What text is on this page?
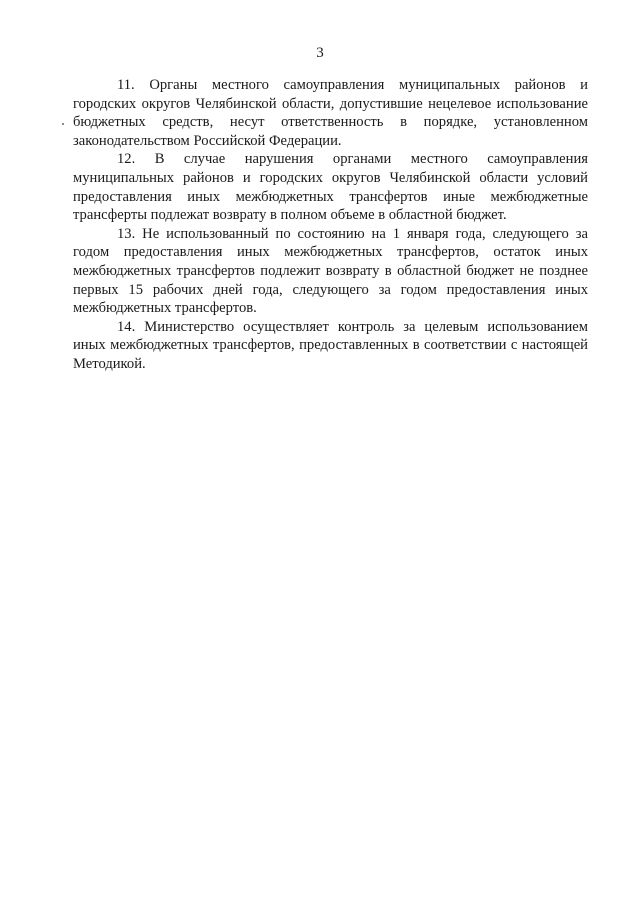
3

11. Органы местного самоуправления муниципальных районов и городских округов Челябинской области, допустившие нецелевое использование бюджетных средств, несут ответственность в порядке, установленном законодательством Российской Федерации.

12. В случае нарушения органами местного самоуправления муниципальных районов и городских округов Челябинской области условий предоставления иных межбюджетных трансфертов иные межбюджетные трансферты подлежат возврату в полном объеме в областной бюджет.

13. Не использованный по состоянию на 1 января года, следующего за годом предоставления иных межбюджетных трансфертов, остаток иных межбюджетных трансфертов подлежит возврату в областной бюджет не позднее первых 15 рабочих дней года, следующего за годом предоставления иных межбюджетных трансфертов.

14. Министерство осуществляет контроль за целевым использованием иных межбюджетных трансфертов, предоставленных в соответствии с настоящей Методикой.
